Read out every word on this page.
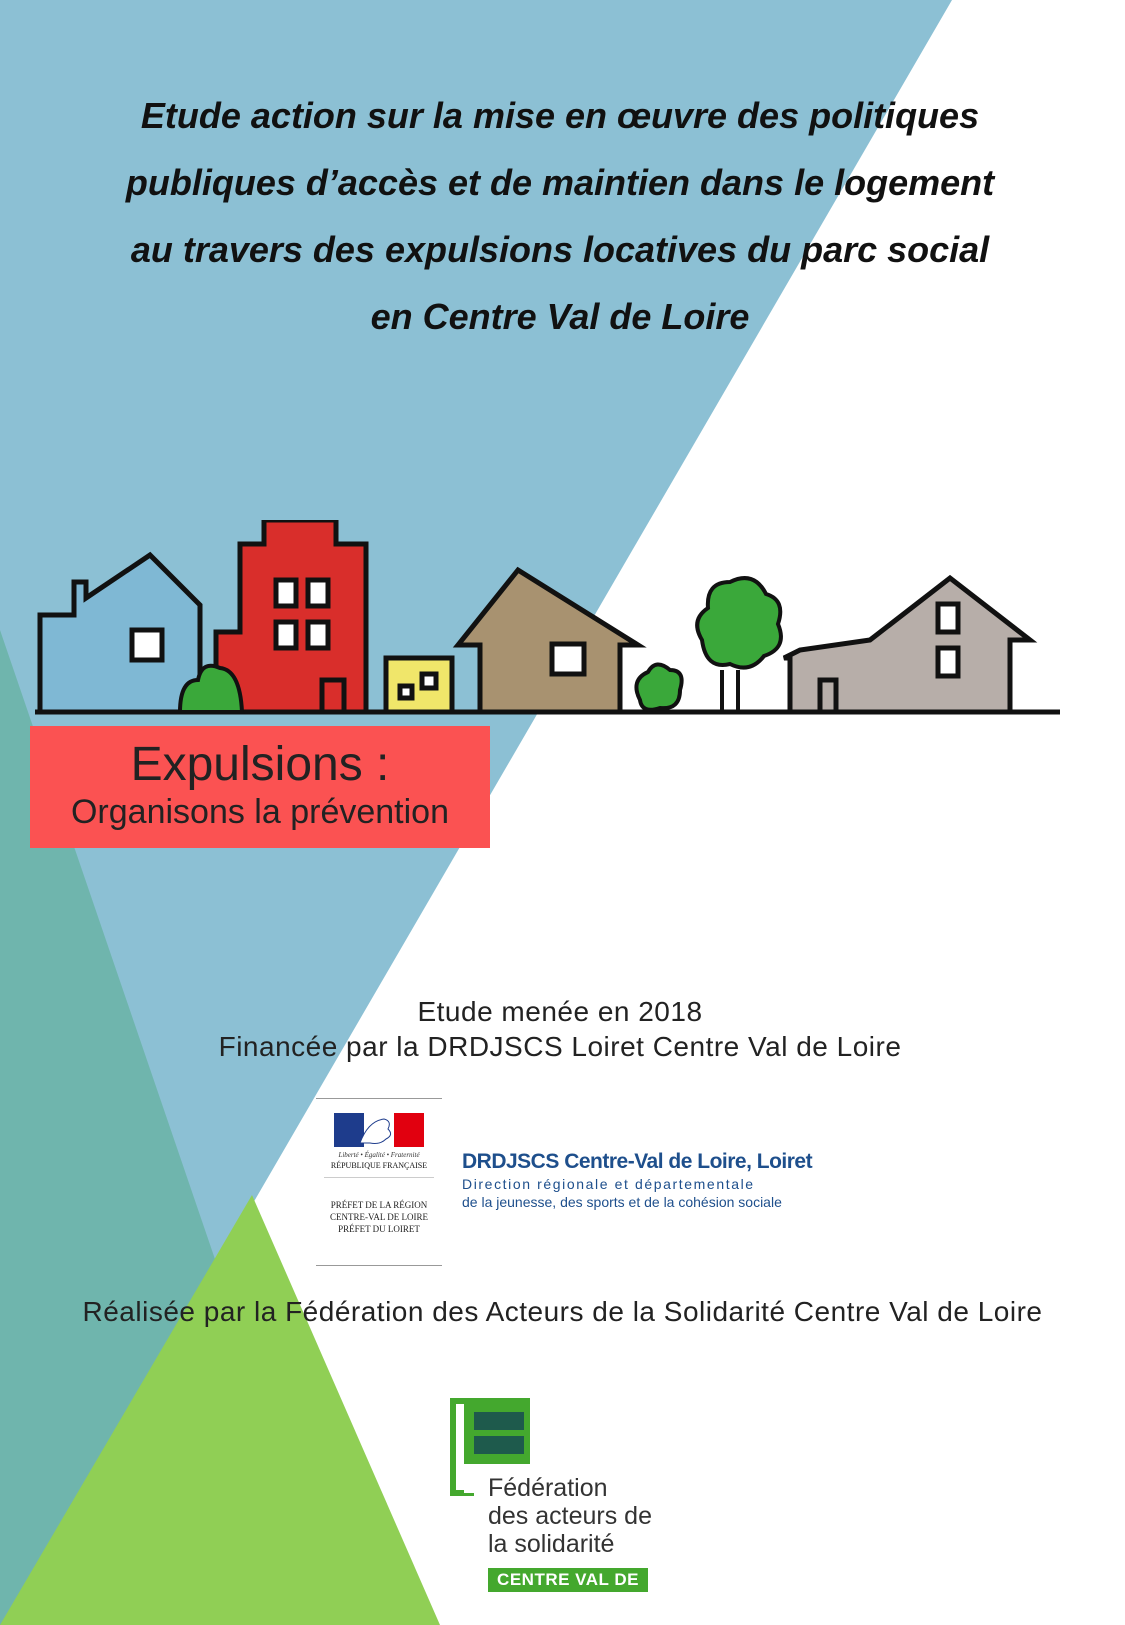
Etude action sur la mise en œuvre des politiques
publiques d’accès et de maintien dans le logement
au travers des expulsions locatives du parc social
en Centre Val de Loire
Expulsions :
Organisons la prévention
Etude menée en 2018
Financée par la DRDJSCS Loiret Centre Val de Loire
Liberté • Égalité • Fraternité
RÉPUBLIQUE FRANÇAISE
PRÉFET DE LA RÉGION
CENTRE-VAL DE LOIRE
PRÉFET DU LOIRET
DRDJSCS Centre-Val de Loire, Loiret
Direction régionale et départementale
de la jeunesse, des sports et de la cohésion sociale
Réalisée par la Fédération des Acteurs de la Solidarité Centre Val de Loire
Fédération
des acteurs de
la solidarité
CENTRE VAL DE LOIRE
